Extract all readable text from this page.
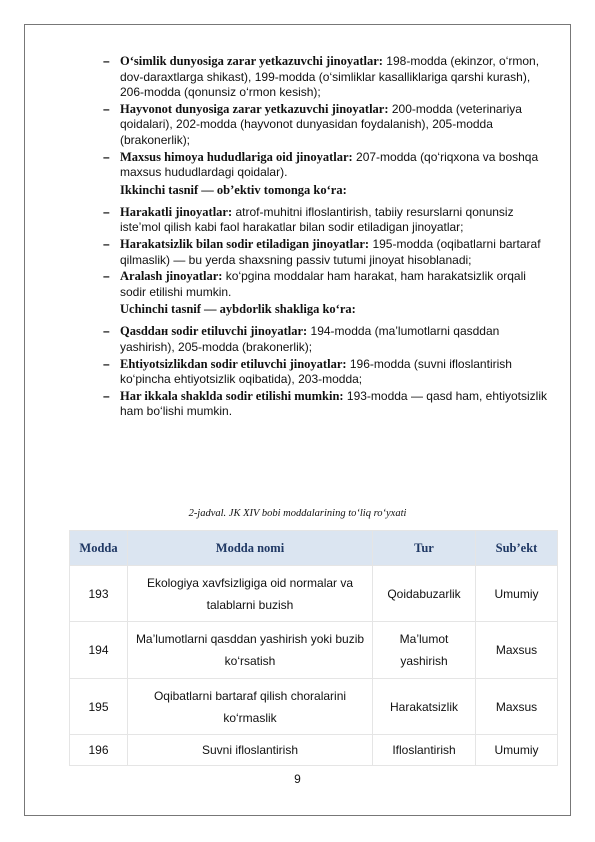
– O‘simlik dunyosiga zarar yetkazuvchi jinoyatlar: 198-modda (ekinzor, o‘rmon, dov-daraxtlarga shikast), 199-modda (o‘simliklar kasalliklariga qarshi kurash), 206-modda (qonunsiz o‘rmon kesish);
– Hayvonot dunyosiga zarar yetkazuvchi jinoyatlar: 200-modda (veterinariya qoidalari), 202-modda (hayvonot dunyasidan foydalanish), 205-modda (brakonerlik);
– Maxsus himoya hududlariga oid jinoyatlar: 207-modda (qo‘riqxona va boshqa maxsus hududlardagi qoidalar).
Ikkinchi tasnif — ob’ektiv tomonga ko‘ra:
– Harakatli jinoyatlar: atrof-muhitni ifloslantirish, tabiiy resurslarni qonunsiz iste’mol qilish kabi faol harakatlar bilan sodir etiladigan jinoyatlar;
– Harakatsizlik bilan sodir etiladigan jinoyatlar: 195-modda (oqibatlarni bartaraf qilmaslik) — bu yerda shaxsning passiv tutumi jinoyat hisoblanadi;
– Aralash jinoyatlar: ko‘pgina moddalar ham harakat, ham harakatsizlik orqali sodir etilishi mumkin.
Uchinchi tasnif — aybdorlik shakliga ko‘ra:
– Qasddaн sodir etiluvchi jinoyatlar: 194-modda (ma’lumotlarni qasddan yashirish), 205-modda (brakonerlik);
– Ehtiyotsizlikdan sodir etiluvchi jinoyatlar: 196-modda (suvni ifloslantirish ko‘pincha ehtiyotsizlik oqibatida), 203-modda;
– Har ikkala shaklda sodir etilishi mumkin: 193-modda — qasd ham, ehtiyotsizlik ham bo‘lishi mumkin.
2-jadval. JK XIV bobi moddalarining to‘liq ro‘yxati
Modda	Modda nomi	Tur	Sub’ekt
193	Ekologiya xavfsizligiga oid normalar va talablarni buzish	Qoidabuzarlik	Umumiy
194	Ma’lumotlarni qasddan yashirish yoki buzib ko‘rsatish	Ma’lumot yashirish	Maxsus
195	Oqibatlarni bartaraf qilish choralarini ko‘rmaslik	Harakatsizlik	Maxsus
196	Suvni ifloslantirish	Ifloslantirish	Umumiy
9
